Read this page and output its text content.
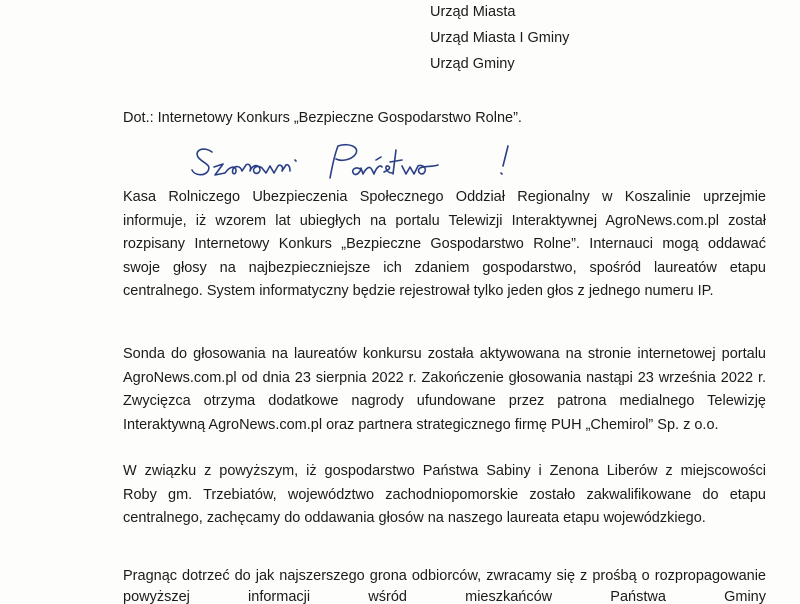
Urząd Miasta
Urząd Miasta I Gminy
Urząd Gminy
Dot.: Internetowy Konkurs „Bezpieczne Gospodarstwo Rolne”.
Kasa Rolniczego Ubezpieczenia Społecznego Oddział Regionalny w Koszalinie uprzejmie
informuje, iż wzorem lat ubiegłych na portalu Telewizji Interaktywnej AgroNews.com.pl został
rozpisany Internetowy Konkurs „Bezpieczne Gospodarstwo Rolne”. Internauci mogą oddawać
swoje głosy na najbezpieczniejsze ich zdaniem gospodarstwo, spośród laureatów etapu
centralnego. System informatyczny będzie rejestrował tylko jeden głos z jednego numeru IP.
Sonda do głosowania na laureatów konkursu została aktywowana na stronie internetowej portalu
AgroNews.com.pl od dnia 23 sierpnia 2022 r. Zakończenie głosowania nastąpi 23 września 2022 r.
Zwycięzca otrzyma dodatkowe nagrody ufundowane przez patrona medialnego Telewizję
Interaktywną AgroNews.com.pl oraz partnera strategicznego firmę PUH „Chemirol” Sp. z o.o.
W związku z powyższym, iż gospodarstwo Państwa Sabiny i Zenona Liberów z miejscowości
Roby gm. Trzebiatów, województwo zachodniopomorskie zostało zakwalifikowane do etapu
centralnego, zachęcamy do oddawania głosów na naszego laureata etapu wojewódzkiego.
Pragnąc dotrzeć do jak najszerszego grona odbiorców, zwracamy się z prośbą o rozpropagowanie
powyższej informacji wśród mieszkańców Państwa Gminy
